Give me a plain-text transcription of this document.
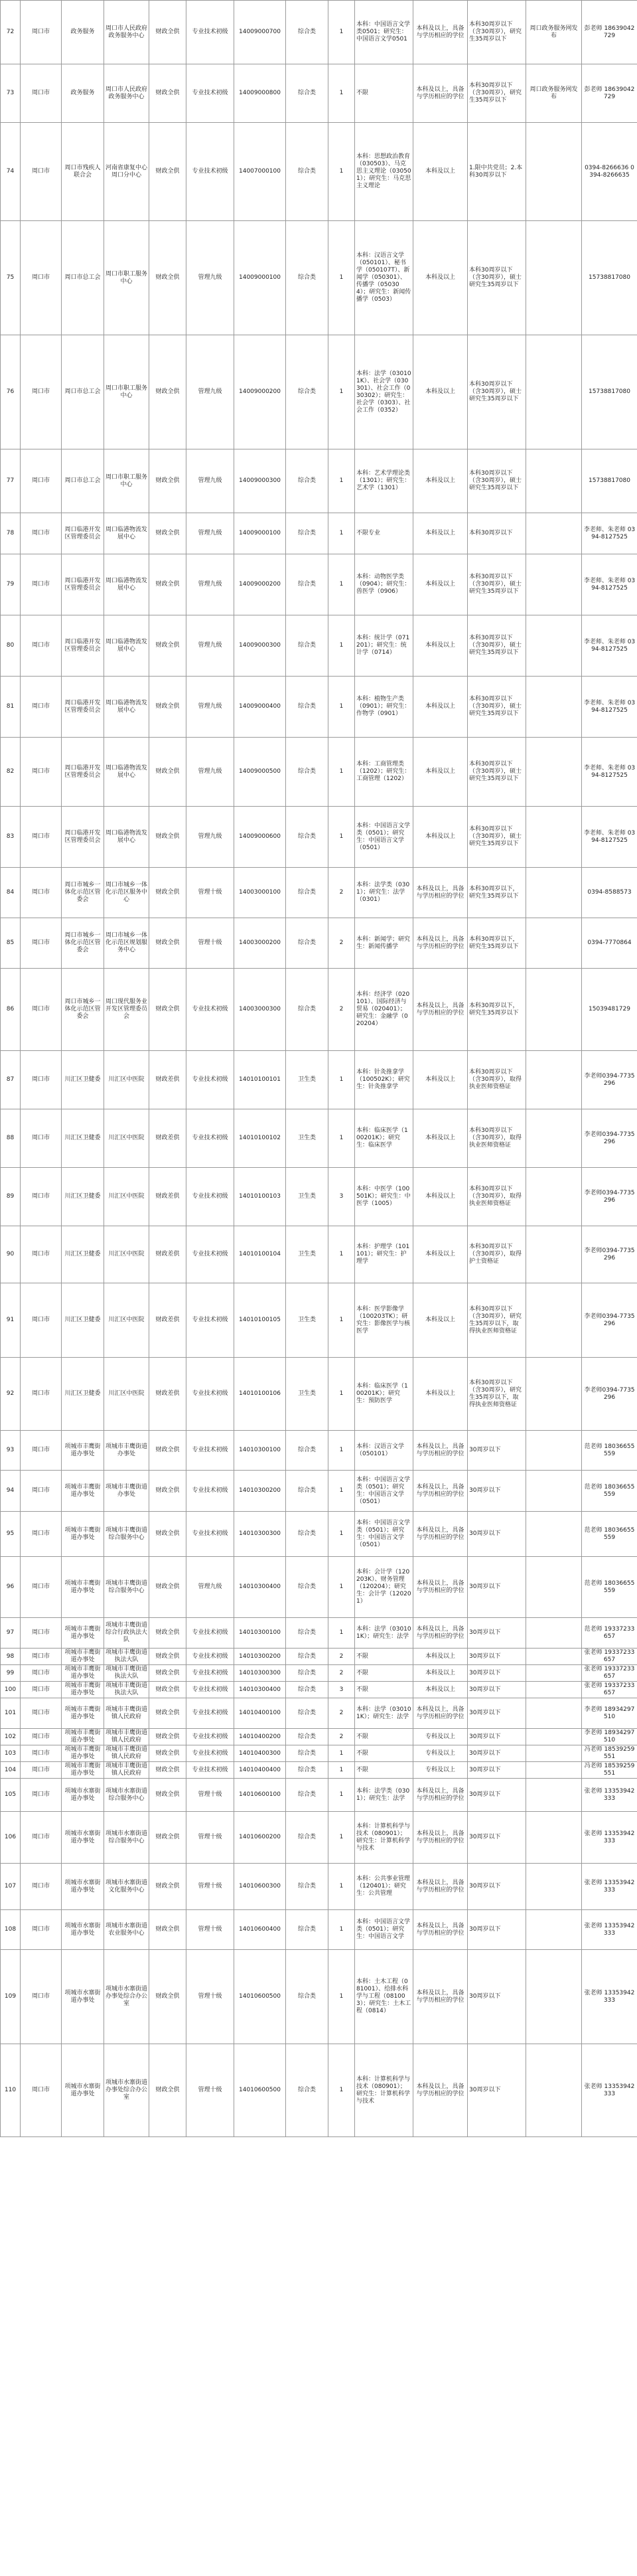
72	周口市	政务服务	周口市人民政府政务服务中心	财政全供	专业技术初级	14009000700	综合类	1	本科：中国语言文学类0501；研究生：中国语言文学0501	本科及以上，具备与学历相应的学位	本科30周岁以下（含30周岁），研究生35周岁以下	周口政务服务网发布	彭老师 18639042729
73	周口市	政务服务	周口市人民政府政务服务中心	财政全供	专业技术初级	14009000800	综合类	1	不限	本科及以上，具备与学历相应的学位	本科30周岁以下（含30周岁），研究生35周岁以下	周口政务服务网发布	彭老师 18639042729
74	周口市	周口市残疾人联合会	河南省康复中心周口分中心	财政全供	专业技术初级	14007000100	综合类	1	本科：思想政治教育（030503）、马克思主义理论（030501）；研究生：马克思主义理论	本科及以上	1.限中共党员；2.本科30周岁以下		0394-8266636 0394-8266635
75	周口市	周口市总工会	周口市职工服务中心	财政全供	管理九级	14009000100	综合类	1	本科：汉语言文学（050101）、秘书学（050107T）、新闻学（050301）、传播学（050304）；研究生：新闻传播学（0503）	本科及以上	本科30周岁以下（含30周岁），硕士研究生35周岁以下		15738817080
76	周口市	周口市总工会	周口市职工服务中心	财政全供	管理九级	14009000200	综合类	1	本科：法学（030101K）、社会学（030301）、社会工作（030302）；研究生：社会学（0303）、社会工作（0352）	本科及以上	本科30周岁以下（含30周岁），硕士研究生35周岁以下		15738817080
77	周口市	周口市总工会	周口市职工服务中心	财政全供	管理九级	14009000300	综合类	1	本科：艺术学理论类（1301）；研究生：艺术学（1301）	本科及以上	本科30周岁以下（含30周岁），硕士研究生35周岁以下		15738817080
78	周口市	周口临港开发区管理委员会	周口临港物流发展中心	财政全供	管理九级	14009000100	综合类	1	不限专业	本科及以上	本科30周岁以下		李老师、朱老师 0394-8127525
79	周口市	周口临港开发区管理委员会	周口临港物流发展中心	财政全供	管理九级	14009000200	综合类	1	本科：动物医学类（0904）；研究生：兽医学（0906）	本科及以上	本科30周岁以下（含30周岁），硕士研究生35周岁以下		李老师、朱老师 0394-8127525
80	周口市	周口临港开发区管理委员会	周口临港物流发展中心	财政全供	管理九级	14009000300	综合类	1	本科：统计学（071201）；研究生：统计学（0714）	本科及以上	本科30周岁以下（含30周岁），硕士研究生35周岁以下		李老师、朱老师 0394-8127525
81	周口市	周口临港开发区管理委员会	周口临港物流发展中心	财政全供	管理九级	14009000400	综合类	1	本科：植物生产类（0901）；研究生：作物学（0901）	本科及以上	本科30周岁以下（含30周岁），硕士研究生35周岁以下		李老师、朱老师 0394-8127525
82	周口市	周口临港开发区管理委员会	周口临港物流发展中心	财政全供	管理九级	14009000500	综合类	1	本科：工商管理类（1202）；研究生：工商管理（1202）	本科及以上	本科30周岁以下（含30周岁），硕士研究生35周岁以下		李老师、朱老师 0394-8127525
83	周口市	周口临港开发区管理委员会	周口临港物流发展中心	财政全供	管理九级	14009000600	综合类	1	本科：中国语言文学类（0501）；研究生：中国语言文学（0501）	本科及以上	本科30周岁以下（含30周岁），硕士研究生35周岁以下		李老师、朱老师 0394-8127525
84	周口市	周口市城乡一体化示范区管委会	周口市城乡一体化示范区服务中心	财政全供	管理十级	14003000100	综合类	2	本科：法学类（0301）；研究生：法学（0301）	本科及以上，具备与学历相应的学位	本科30周岁以下，研究生35周岁以下		0394-8588573
85	周口市	周口市城乡一体化示范区管委会	周口市城乡一体化示范区规划服务中心	财政全供	管理十级	14003000200	综合类	2	本科：新闻学；研究生：新闻传播学	本科及以上，具备与学历相应的学位	本科30周岁以下，研究生35周岁以下		0394-7770864
86	周口市	周口市城乡一体化示范区管委会	周口现代服务业开发区管理委员会	财政全供	专业技术初级	14003000300	综合类	2	本科：经济学（020101）、国际经济与贸易（020401）；研究生：金融学（020204）	本科及以上，具备与学历相应的学位	本科30周岁以下，研究生35周岁以下		15039481729
87	周口市	川汇区卫健委	川汇区中医院	财政差供	专业技术初级	14010100101	卫生类	1	本科：针灸推拿学（100502K）；研究生：针灸推拿学	本科及以上	本科30周岁以下（含30周岁），取得执业医师资格证		李老师0394-7735296
88	周口市	川汇区卫健委	川汇区中医院	财政差供	专业技术初级	14010100102	卫生类	1	本科：临床医学（100201K）；研究生：临床医学	本科及以上	本科30周岁以下（含30周岁），取得执业医师资格证		李老师0394-7735296
89	周口市	川汇区卫健委	川汇区中医院	财政差供	专业技术初级	14010100103	卫生类	3	本科：中医学（100501K）；研究生：中医学（1005）	本科及以上	本科30周岁以下（含30周岁），取得执业医师资格证		李老师0394-7735296
90	周口市	川汇区卫健委	川汇区中医院	财政差供	专业技术初级	14010100104	卫生类	1	本科：护理学（101101）；研究生：护理学	本科及以上	本科30周岁以下（含30周岁），取得护士资格证		李老师0394-7735296
91	周口市	川汇区卫健委	川汇区中医院	财政差供	专业技术初级	14010100105	卫生类	1	本科：医学影像学（100203TK）；研究生：影像医学与核医学	本科及以上	本科30周岁以下（含30周岁），研究生35周岁以下，取得执业医师资格证		李老师0394-7735296
92	周口市	川汇区卫健委	川汇区中医院	财政差供	专业技术初级	14010100106	卫生类	1	本科：临床医学（100201K）；研究生：预防医学	本科及以上	本科30周岁以下（含30周岁），研究生35周岁以下，取得执业医师资格证		李老师0394-7735296
93	周口市	项城市丰鹰街道办事处	项城市丰鹰街道办事处	财政全供	专业技术初级	14010300100	综合类	1	本科：汉语言文学（050101）	本科及以上，具备与学历相应的学位	30周岁以下		范老师 18036655559
94	周口市	项城市丰鹰街道办事处	项城市丰鹰街道办事处	财政全供	专业技术初级	14010300200	综合类	1	本科：中国语言文学类（0501）；研究生：中国语言文学（0501）	本科及以上，具备与学历相应的学位	30周岁以下		范老师 18036655559
95	周口市	项城市丰鹰街道办事处	项城市丰鹰街道综合服务中心	财政全供	专业技术初级	14010300300	综合类	1	本科：中国语言文学类（0501）；研究生：中国语言文学（0501）	本科及以上，具备与学历相应的学位	30周岁以下		范老师 18036655559
96	周口市	项城市丰鹰街道办事处	项城市丰鹰街道综合服务中心	财政全供	管理九级	14010300400	综合类	1	本科：会计学（120203K）、财务管理（120204）；研究生：会计学（120201）	本科及以上，具备与学历相应的学位	30周岁以下		范老师 18036655559
97	周口市	项城市丰鹰街道办事处	项城市丰鹰街道综合行政执法大队	财政全供	专业技术初级	14010300100	综合类	1	本科：法学（030101K）；研究生：法学	本科及以上，具备与学历相应的学位	30周岁以下		范老师 19337233657
98	周口市	项城市丰鹰街道办事处	项城市丰鹰街道执法大队	财政全供	专业技术初级	14010300200	综合类	2	不限	本科及以上	30周岁以下		张老师 19337233657
99	周口市	项城市丰鹰街道办事处	项城市丰鹰街道执法大队	财政全供	专业技术初级	14010300300	综合类	2	不限	本科及以上	30周岁以下		张老师 19337233657
100	周口市	项城市丰鹰街道办事处	项城市丰鹰街道执法大队	财政全供	专业技术初级	14010300400	综合类	3	不限	本科及以上	30周岁以下		张老师 19337233657
101	周口市	项城市丰鹰街道办事处	项城市丰鹰街道镇人民政府	财政全供	专业技术初级	14010400100	综合类	2	本科：法学（030101K）；研究生：法学	本科及以上，具备与学历相应的学位	30周岁以下		李老师 18934297510
102	周口市	项城市丰鹰街道办事处	项城市丰鹰街道镇人民政府	财政全供	专业技术初级	14010400200	综合类	2	不限	专科及以上	30周岁以下		李老师 18934297510
103	周口市	项城市丰鹰街道办事处	项城市丰鹰街道镇人民政府	财政全供	专业技术初级	14010400300	综合类	1	不限	专科及以上	30周岁以下		冯老师 18539259551
104	周口市	项城市丰鹰街道办事处	项城市丰鹰街道镇人民政府	财政全供	专业技术初级	14010400400	综合类	1	不限	专科及以上	30周岁以下		冯老师 18539259551
105	周口市	项城市水寨街道办事处	项城市水寨街道综合服务中心	财政全供	管理十级	14010600100	综合类	1	本科：法学类（0301）；研究生：法学	本科及以上，具备与学历相应的学位	30周岁以下		张老师 13353942333
106	周口市	项城市水寨街道办事处	项城市水寨街道综合服务中心	财政全供	管理十级	14010600200	综合类	1	本科：计算机科学与技术（080901）；研究生：计算机科学与技术	本科及以上，具备与学历相应的学位	30周岁以下		张老师 13353942333
107	周口市	项城市水寨街道办事处	项城市水寨街道文化服务中心	财政全供	管理十级	14010600300	综合类	1	本科：公共事业管理（120401）；研究生：公共管理	本科及以上，具备与学历相应的学位	30周岁以下		张老师 13353942333
108	周口市	项城市水寨街道办事处	项城市水寨街道农业服务中心	财政全供	管理十级	14010600400	综合类	1	本科：中国语言文学类（0501）；研究生：中国语言文学	本科及以上，具备与学历相应的学位	30周岁以下		张老师 13353942333
109	周口市	项城市水寨街道办事处	项城市水寨街道办事处综合办公室	财政全供	管理十级	14010600500	综合类	1	本科：土木工程（081001）、给排水科学与工程（081003）；研究生：土木工程（0814）	本科及以上，具备与学历相应的学位	30周岁以下		张老师 13353942333
110	周口市	项城市水寨街道办事处	项城市水寨街道办事处综合办公室	财政全供	管理十级	14010600500	综合类	1	本科：计算机科学与技术（080901）；研究生：计算机科学与技术	本科及以上，具备与学历相应的学位	30周岁以下		张老师 13353942333
